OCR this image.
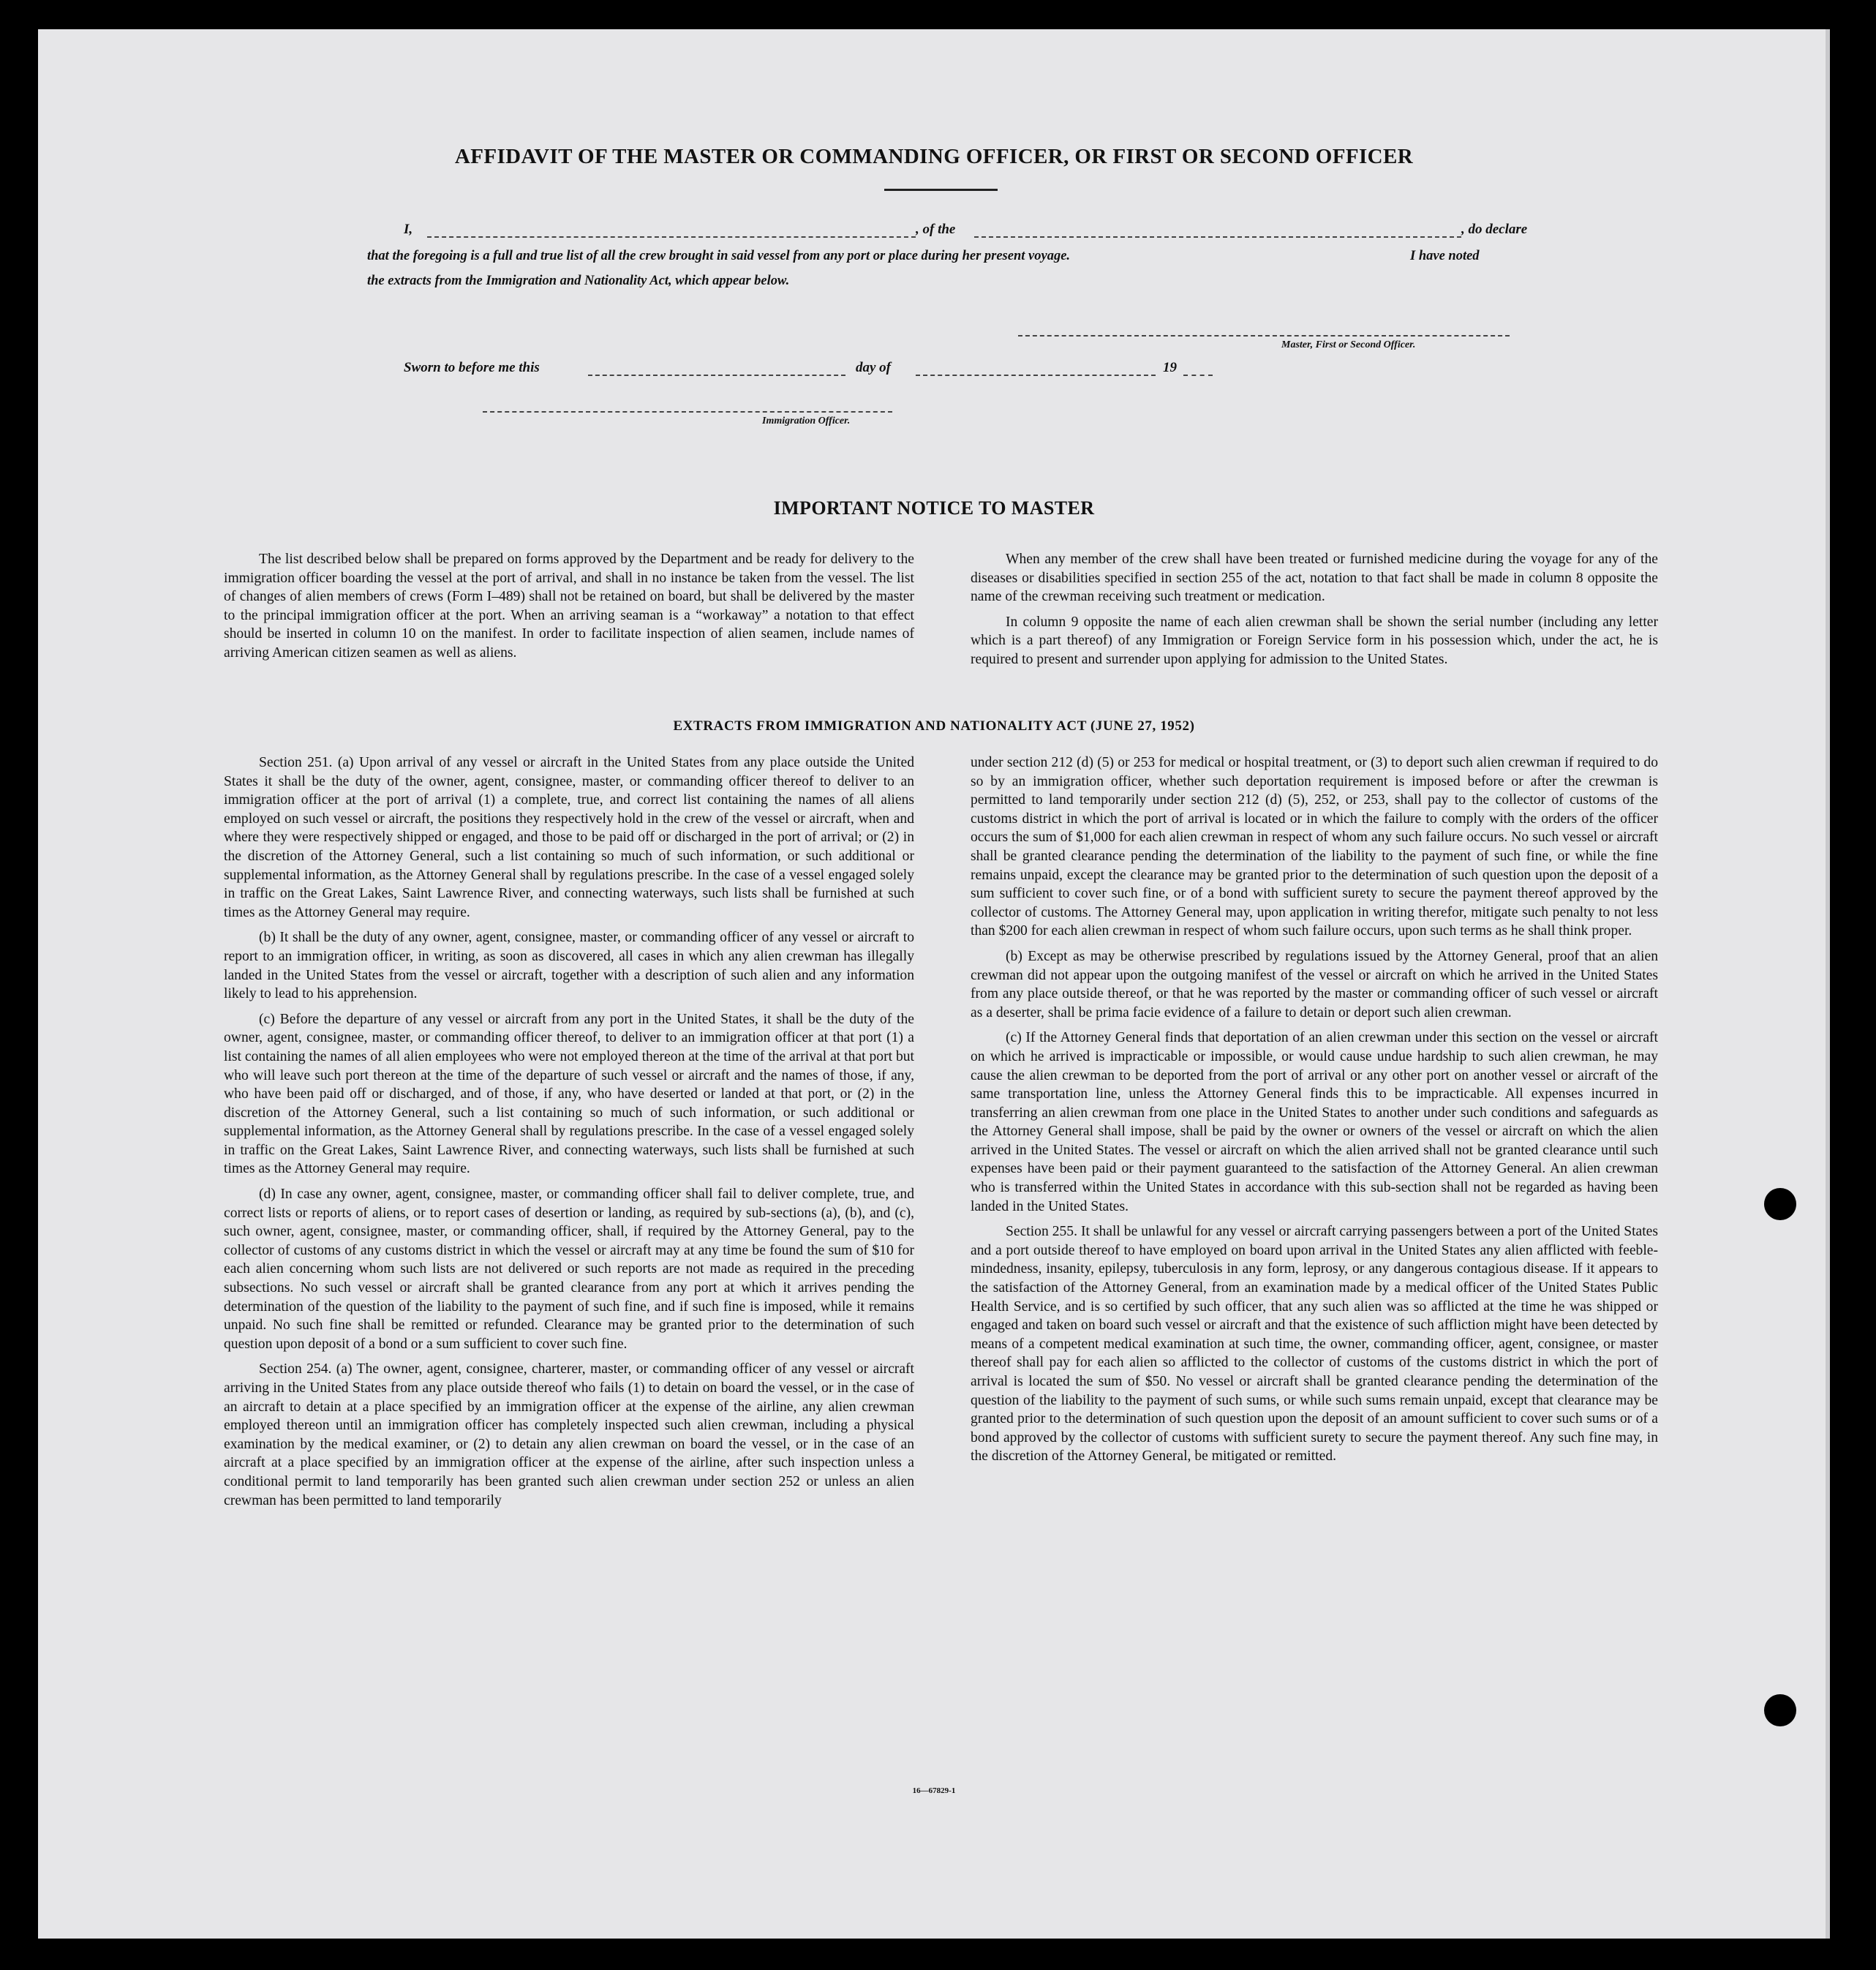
AFFIDAVIT OF THE MASTER OR COMMANDING OFFICER, OR FIRST OR SECOND OFFICER
I,	, of the	, do declare
that the foregoing is a full and true list of all the crew brought in said vessel from any port or place during her present voyage.	I have noted
the extracts from the Immigration and Nationality Act, which appear below.
Master, First or Second Officer.
Sworn to before me this	day of	19
Immigration Officer.
IMPORTANT NOTICE TO MASTER

The list described below shall be prepared on forms approved by the Department and be ready for delivery to the immigration officer boarding the vessel at the port of arrival, and shall in no instance be taken from the vessel. The list of changes of alien members of crews (Form I–489) shall not be retained on board, but shall be delivered by the master to the principal immigration officer at the port. When an arriving seaman is a “workaway” a notation to that effect should be inserted in column 10 on the manifest. In order to facilitate inspection of alien seamen, include names of arriving American citizen seamen as well as aliens.

When any member of the crew shall have been treated or furnished medicine during the voyage for any of the diseases or disabilities specified in section 255 of the act, notation to that fact shall be made in column 8 opposite the name of the crewman receiving such treatment or medication.

In column 9 opposite the name of each alien crewman shall be shown the serial number (including any letter which is a part thereof) of any Immigration or Foreign Service form in his possession which, under the act, he is required to present and surrender upon applying for admission to the United States.

EXTRACTS FROM IMMIGRATION AND NATIONALITY ACT (JUNE 27, 1952)

Section 251. (a) Upon arrival of any vessel or aircraft in the United States from any place outside the United States it shall be the duty of the owner, agent, consignee, master, or commanding officer thereof to deliver to an immigration officer at the port of arrival (1) a complete, true, and correct list containing the names of all aliens employed on such vessel or aircraft, the positions they respectively hold in the crew of the vessel or aircraft, when and where they were respectively shipped or engaged, and those to be paid off or discharged in the port of arrival; or (2) in the discretion of the Attorney General, such a list containing so much of such information, or such additional or supplemental information, as the Attorney General shall by regulations prescribe. In the case of a vessel engaged solely in traffic on the Great Lakes, Saint Lawrence River, and connecting waterways, such lists shall be furnished at such times as the Attorney General may require.

(b) It shall be the duty of any owner, agent, consignee, master, or commanding officer of any vessel or aircraft to report to an immigration officer, in writing, as soon as discovered, all cases in which any alien crewman has illegally landed in the United States from the vessel or aircraft, together with a description of such alien and any information likely to lead to his apprehension.

(c) Before the departure of any vessel or aircraft from any port in the United States, it shall be the duty of the owner, agent, consignee, master, or commanding officer thereof, to deliver to an immigration officer at that port (1) a list containing the names of all alien employees who were not employed thereon at the time of the arrival at that port but who will leave such port thereon at the time of the departure of such vessel or aircraft and the names of those, if any, who have been paid off or discharged, and of those, if any, who have deserted or landed at that port, or (2) in the discretion of the Attorney General, such a list containing so much of such information, or such additional or supplemental information, as the Attorney General shall by regulations prescribe. In the case of a vessel engaged solely in traffic on the Great Lakes, Saint Lawrence River, and connecting waterways, such lists shall be furnished at such times as the Attorney General may require.

(d) In case any owner, agent, consignee, master, or commanding officer shall fail to deliver complete, true, and correct lists or reports of aliens, or to report cases of desertion or landing, as required by sub-sections (a), (b), and (c), such owner, agent, consignee, master, or commanding officer, shall, if required by the Attorney General, pay to the collector of customs of any customs district in which the vessel or aircraft may at any time be found the sum of $10 for each alien concerning whom such lists are not delivered or such reports are not made as required in the preceding subsections. No such vessel or aircraft shall be granted clearance from any port at which it arrives pending the determination of the question of the liability to the payment of such fine, and if such fine is imposed, while it remains unpaid. No such fine shall be remitted or refunded. Clearance may be granted prior to the determination of such question upon deposit of a bond or a sum sufficient to cover such fine.

Section 254. (a) The owner, agent, consignee, charterer, master, or commanding officer of any vessel or aircraft arriving in the United States from any place outside thereof who fails (1) to detain on board the vessel, or in the case of an aircraft to detain at a place specified by an immigration officer at the expense of the airline, any alien crewman employed thereon until an immigration officer has completely inspected such alien crewman, including a physical examination by the medical examiner, or (2) to detain any alien crewman on board the vessel, or in the case of an aircraft at a place specified by an immigration officer at the expense of the airline, after such inspection unless a conditional permit to land temporarily has been granted such alien crewman under section 252 or unless an alien crewman has been permitted to land temporarily

under section 212 (d) (5) or 253 for medical or hospital treatment, or (3) to deport such alien crewman if required to do so by an immigration officer, whether such deportation requirement is imposed before or after the crewman is permitted to land temporarily under section 212 (d) (5), 252, or 253, shall pay to the collector of customs of the customs district in which the port of arrival is located or in which the failure to comply with the orders of the officer occurs the sum of $1,000 for each alien crewman in respect of whom any such failure occurs. No such vessel or aircraft shall be granted clearance pending the determination of the liability to the payment of such fine, or while the fine remains unpaid, except the clearance may be granted prior to the determination of such question upon the deposit of a sum sufficient to cover such fine, or of a bond with sufficient surety to secure the payment thereof approved by the collector of customs. The Attorney General may, upon application in writing therefor, mitigate such penalty to not less than $200 for each alien crewman in respect of whom such failure occurs, upon such terms as he shall think proper.

(b) Except as may be otherwise prescribed by regulations issued by the Attorney General, proof that an alien crewman did not appear upon the outgoing manifest of the vessel or aircraft on which he arrived in the United States from any place outside thereof, or that he was reported by the master or commanding officer of such vessel or aircraft as a deserter, shall be prima facie evidence of a failure to detain or deport such alien crewman.

(c) If the Attorney General finds that deportation of an alien crewman under this section on the vessel or aircraft on which he arrived is impracticable or impossible, or would cause undue hardship to such alien crewman, he may cause the alien crewman to be deported from the port of arrival or any other port on another vessel or aircraft of the same transportation line, unless the Attorney General finds this to be impracticable. All expenses incurred in transferring an alien crewman from one place in the United States to another under such conditions and safeguards as the Attorney General shall impose, shall be paid by the owner or owners of the vessel or aircraft on which the alien arrived in the United States. The vessel or aircraft on which the alien arrived shall not be granted clearance until such expenses have been paid or their payment guaranteed to the satisfaction of the Attorney General. An alien crewman who is transferred within the United States in accordance with this sub-section shall not be regarded as having been landed in the United States.

Section 255. It shall be unlawful for any vessel or aircraft carrying passengers between a port of the United States and a port outside thereof to have employed on board upon arrival in the United States any alien afflicted with feeble-mindedness, insanity, epilepsy, tuberculosis in any form, leprosy, or any dangerous contagious disease. If it appears to the satisfaction of the Attorney General, from an examination made by a medical officer of the United States Public Health Service, and is so certified by such officer, that any such alien was so afflicted at the time he was shipped or engaged and taken on board such vessel or aircraft and that the existence of such affliction might have been detected by means of a competent medical examination at such time, the owner, commanding officer, agent, consignee, or master thereof shall pay for each alien so afflicted to the collector of customs of the customs district in which the port of arrival is located the sum of $50. No vessel or aircraft shall be granted clearance pending the determination of the question of the liability to the payment of such sums, or while such sums remain unpaid, except that clearance may be granted prior to the determination of such question upon the deposit of an amount sufficient to cover such sums or of a bond approved by the collector of customs with sufficient surety to secure the payment thereof. Any such fine may, in the discretion of the Attorney General, be mitigated or remitted.

16—67829-1
